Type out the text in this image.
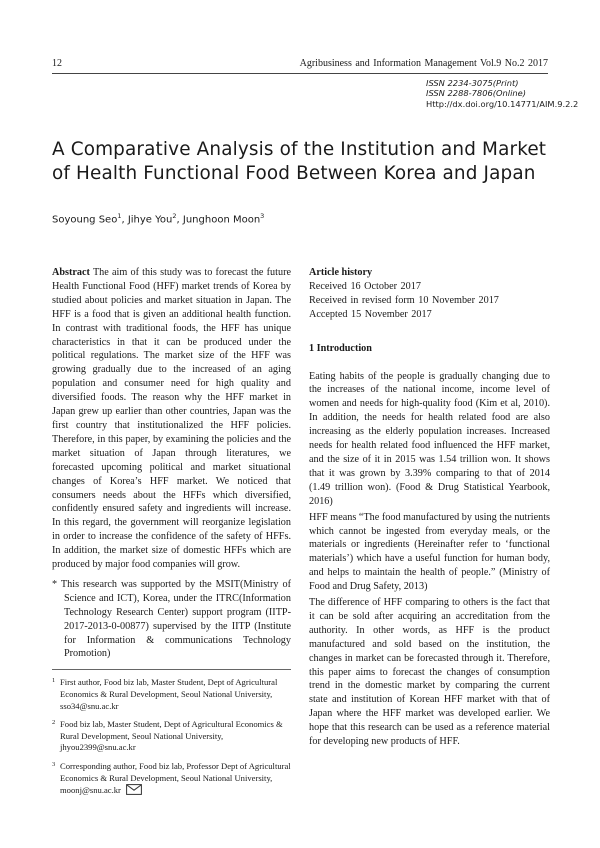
12	Agribusiness and Information Management Vol.9 No.2 2017
ISSN 2234-3075(Print)
ISSN 2288-7806(Online)
Http://dx.doi.org/10.14771/AIM.9.2.2
A Comparative Analysis of the Institution and Market of Health Functional Food Between Korea and Japan
Soyoung Seo$^1$, Jihye You$^2$, Junghoon Moon$^3$
Abstract The aim of this study was to forecast the future Health Functional Food (HFF) market trends of Korea by studied about policies and market situation in Japan. The HFF is a food that is given an additional health function. In contrast with traditional foods, the HFF has unique characteristics in that it can be produced under the political regulations. The market size of the HFF was growing gradually due to the increased of an aging population and consumer need for high quality and diversified foods. The reason why the HFF market in Japan grew up earlier than other countries, Japan was the first country that institutionalized the HFF policies. Therefore, in this paper, by examining the policies and the market situation of Japan through literatures, we forecasted upcoming political and market situational changes of Korea’s HFF market. We noticed that consumers needs about the HFFs which diversified, confidently ensured safety and ingredients will increase. In this regard, the government will reorganize legislation in order to increase the confidence of the safety of HFFs. In addition, the market size of domestic HFFs which are produced by major food companies will grow.
* This research was supported by the MSIT(Ministry of Science and ICT), Korea, under the ITRC(Information Technology Research Center) support program (IITP-2017-2013-0-00877) supervised by the IITP (Institute for Information & communications Technology Promotion)
1 First author, Food biz lab, Master Student, Dept of Agricultural Economics & Rural Development, Seoul National University, sso34@snu.ac.kr
2 Food biz lab, Master Student, Dept of Agricultural Economics & Rural Development, Seoul National University, jhyou2399@snu.ac.kr
3 Corresponding author, Food biz lab, Professor Dept of Agricultural Economics & Rural Development, Seoul National University, moonj@snu.ac.kr
Article history
Received 16 October 2017
Received in revised form 10 November 2017
Accepted 15 November 2017
1 Introduction
Eating habits of the people is gradually changing due to the increases of the national income, income level of women and needs for high-quality food (Kim et al, 2010). In addition, the needs for health related food are also increasing as the elderly population increases. Increased needs for health related food influenced the HFF market, and the size of it in 2015 was 1.54 trillion won. It shows that it was grown by 3.39% comparing to that of 2014 (1.49 trillion won). (Food & Drug Statistical Yearbook, 2016)
HFF means “The food manufactured by using the nutrients which cannot be ingested from everyday meals, or the materials or ingredients (Hereinafter refer to ‘functional materials’) which have a useful function for human body, and helps to maintain the health of people.” (Ministry of Food and Drug Safety, 2013)
The difference of HFF comparing to others is the fact that it can be sold after acquiring an accreditation from the authority. In other words, as HFF is the product manufactured and sold based on the institution, the changes in market can be forecasted through it. Therefore, this paper aims to forecast the changes of consumption trend in the domestic market by comparing the current state and institution of Korean HFF market with that of Japan where the HFF market was developed earlier. We hope that this research can be used as a reference material for developing new products of HFF.
